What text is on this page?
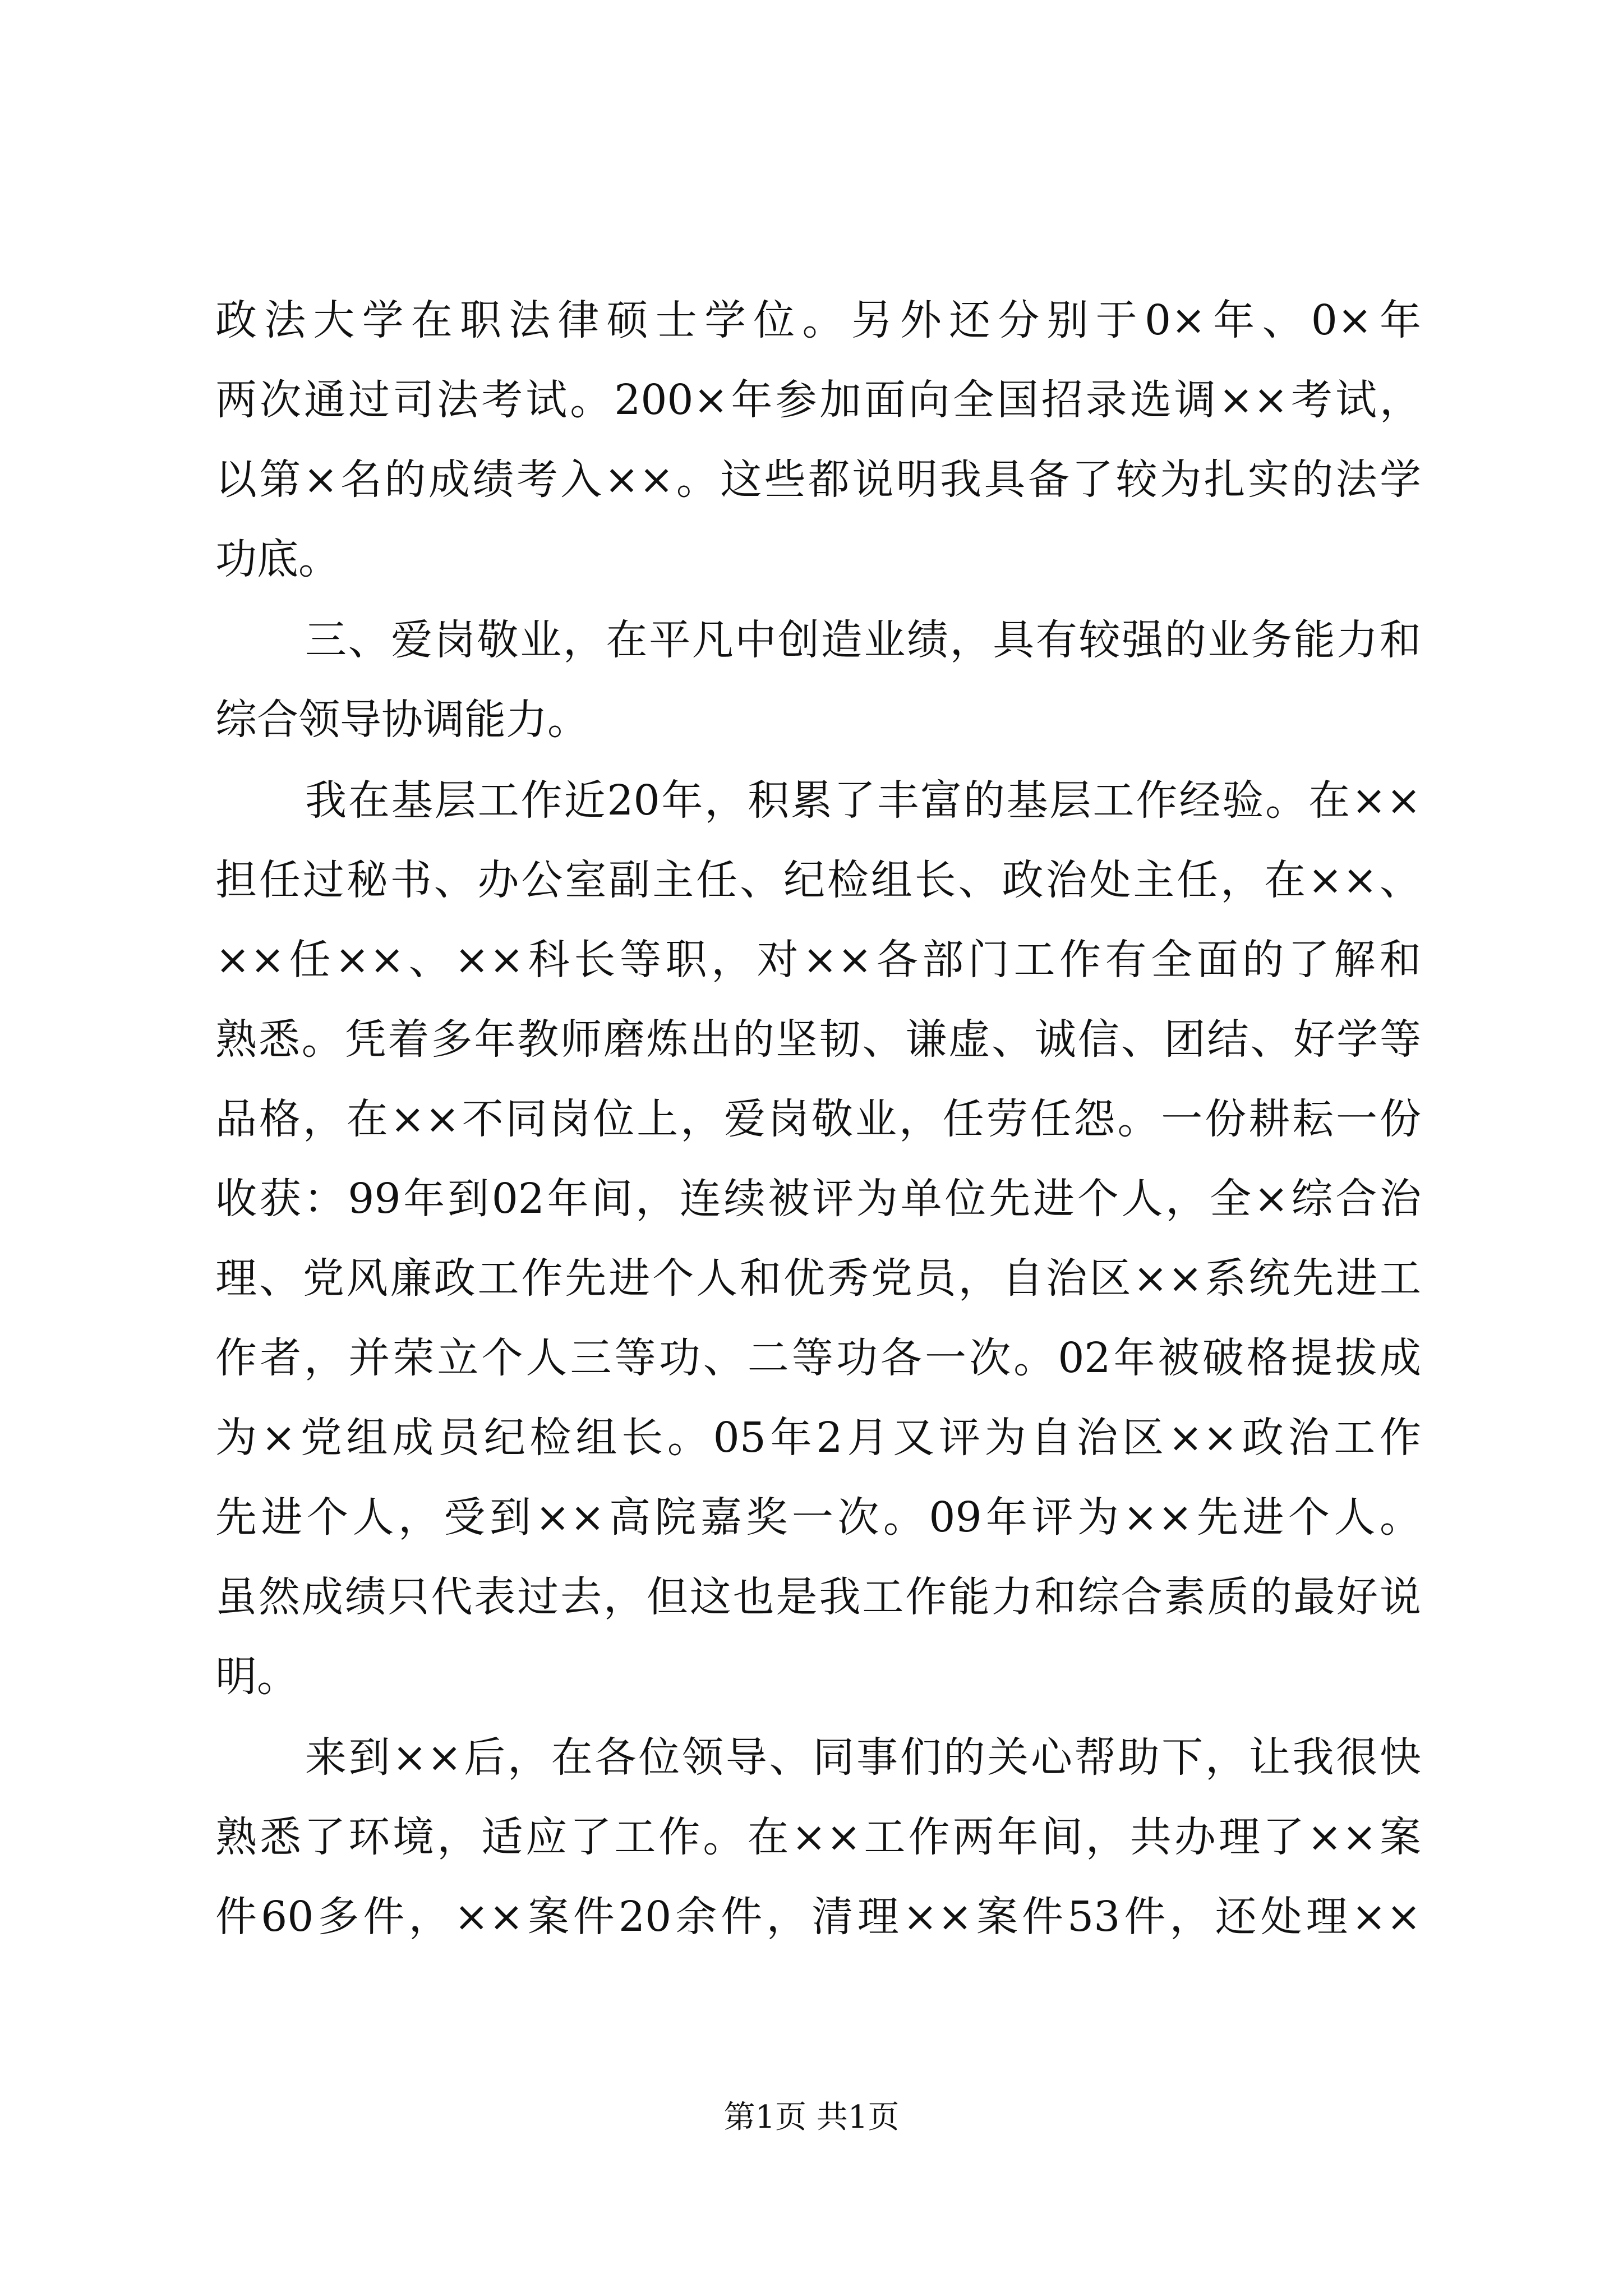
政法大学在职法律硕士学位。另外还分别于0×年、0×年
两次通过司法考试。200×年参加面向全国招录选调××考试，
以第×名的成绩考入××。这些都说明我具备了较为扎实的法学
功底。
三、爱岗敬业，在平凡中创造业绩，具有较强的业务能力和
综合领导协调能力。
我在基层工作近20年，积累了丰富的基层工作经验。在××
担任过秘书、办公室副主任、纪检组长、政治处主任，在××、
××任××、××科长等职，对××各部门工作有全面的了解和
熟悉。凭着多年教师磨炼出的坚韧、谦虚、诚信、团结、好学等
品格，在××不同岗位上，爱岗敬业，任劳任怨。一份耕耘一份
收获：99年到02年间，连续被评为单位先进个人，全×综合治
理、党风廉政工作先进个人和优秀党员，自治区××系统先进工
作者，并荣立个人三等功、二等功各一次。02年被破格提拔成
为×党组成员纪检组长。05年2月又评为自治区××政治工作
先进个人，受到××高院嘉奖一次。09年评为××先进个人。
虽然成绩只代表过去，但这也是我工作能力和综合素质的最好说
明。
来到××后，在各位领导、同事们的关心帮助下，让我很快
熟悉了环境，适应了工作。在××工作两年间，共办理了××案
件60多件，××案件20余件，清理××案件53件，还处理××
第1页 共1页
